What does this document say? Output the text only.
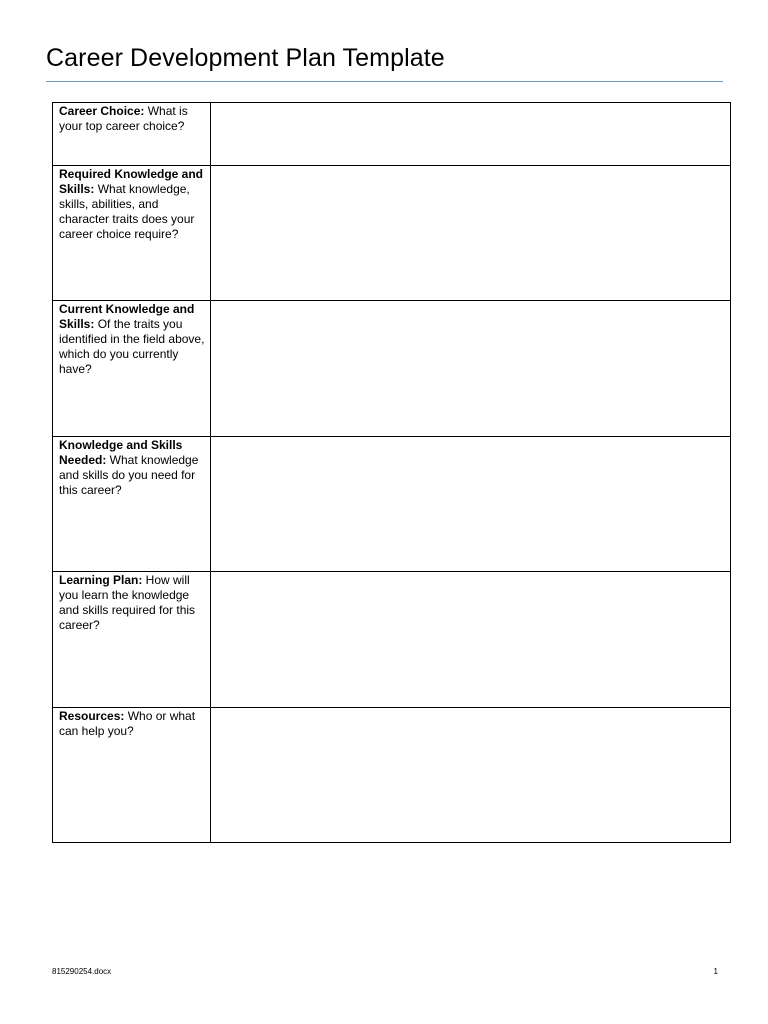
Career Development Plan Template
Career Choice: What is your top career choice?	

Required Knowledge and Skills: What knowledge, skills, abilities, and character traits does your career choice require?	

Current Knowledge and Skills: Of the traits you identified in the field above, which do you currently have?	

Knowledge and Skills Needed: What knowledge and skills do you need for this career?	

Learning Plan: How will you learn the knowledge and skills required for this career?	

Resources: Who or what can help you?	

815290254.docx	1
